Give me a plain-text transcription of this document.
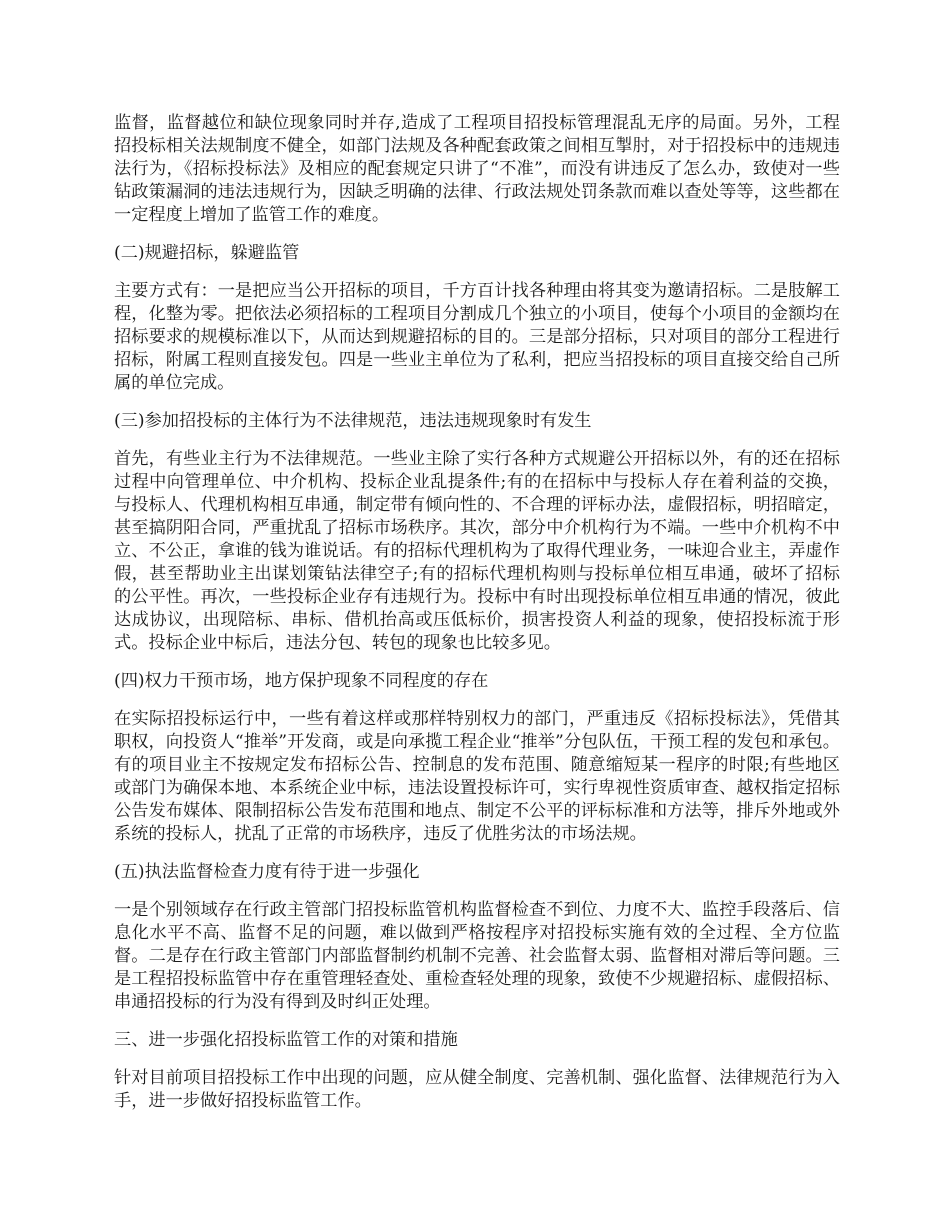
监督，监督越位和缺位现象同时并存,造成了工程项目招投标管理混乱无序的局面。另外，工程招投标相关法规制度不健全，如部门法规及各种配套政策之间相互掣肘，对于招投标中的违规违法行为，《招标投标法》及相应的配套规定只讲了“不准”，而没有讲违反了怎么办，致使对一些钻政策漏洞的违法违规行为，因缺乏明确的法律、行政法规处罚条款而难以查处等等，这些都在一定程度上增加了监管工作的难度。

(二)规避招标，躲避监管

主要方式有：一是把应当公开招标的项目，千方百计找各种理由将其变为邀请招标。二是肢解工程，化整为零。把依法必须招标的工程项目分割成几个独立的小项目，使每个小项目的金额均在招标要求的规模标准以下，从而达到规避招标的目的。三是部分招标，只对项目的部分工程进行招标，附属工程则直接发包。四是一些业主单位为了私利，把应当招投标的项目直接交给自己所属的单位完成。

(三)参加招投标的主体行为不法律规范，违法违规现象时有发生

首先，有些业主行为不法律规范。一些业主除了实行各种方式规避公开招标以外，有的还在招标过程中向管理单位、中介机构、投标企业乱提条件;有的在招标中与投标人存在着利益的交换，与投标人、代理机构相互串通，制定带有倾向性的、不合理的评标办法，虚假招标，明招暗定，甚至搞阴阳合同，严重扰乱了招标市场秩序。其次，部分中介机构行为不端。一些中介机构不中立、不公正，拿谁的钱为谁说话。有的招标代理机构为了取得代理业务，一味迎合业主，弄虚作假，甚至帮助业主出谋划策钻法律空子;有的招标代理机构则与投标单位相互串通，破坏了招标的公平性。再次，一些投标企业存有违规行为。投标中有时出现投标单位相互串通的情况，彼此达成协议，出现陪标、串标、借机抬高或压低标价，损害投资人利益的现象，使招投标流于形式。投标企业中标后，违法分包、转包的现象也比较多见。

(四)权力干预市场，地方保护现象不同程度的存在

在实际招投标运行中，一些有着这样或那样特别权力的部门，严重违反《招标投标法》，凭借其职权，向投资人“推举”开发商，或是向承揽工程企业“推举”分包队伍，干预工程的发包和承包。有的项目业主不按规定发布招标公告、控制息的发布范围、随意缩短某一程序的时限;有些地区或部门为确保本地、本系统企业中标，违法设置投标许可，实行卑视性资质审查、越权指定招标公告发布媒体、限制招标公告发布范围和地点、制定不公平的评标标准和方法等，排斥外地或外系统的投标人，扰乱了正常的市场秩序，违反了优胜劣汰的市场法规。

(五)执法监督检查力度有待于进一步强化

一是个别领域存在行政主管部门招投标监管机构监督检查不到位、力度不大、监控手段落后、信息化水平不高、监督不足的问题，难以做到严格按程序对招投标实施有效的全过程、全方位监督。二是存在行政主管部门内部监督制约机制不完善、社会监督太弱、监督相对滞后等问题。三是工程招投标监管中存在重管理轻查处、重检查轻处理的现象，致使不少规避招标、虚假招标、串通招投标的行为没有得到及时纠正处理。

三、进一步强化招投标监管工作的对策和措施

针对目前项目招投标工作中出现的问题，应从健全制度、完善机制、强化监督、法律规范行为入手，进一步做好招投标监管工作。
